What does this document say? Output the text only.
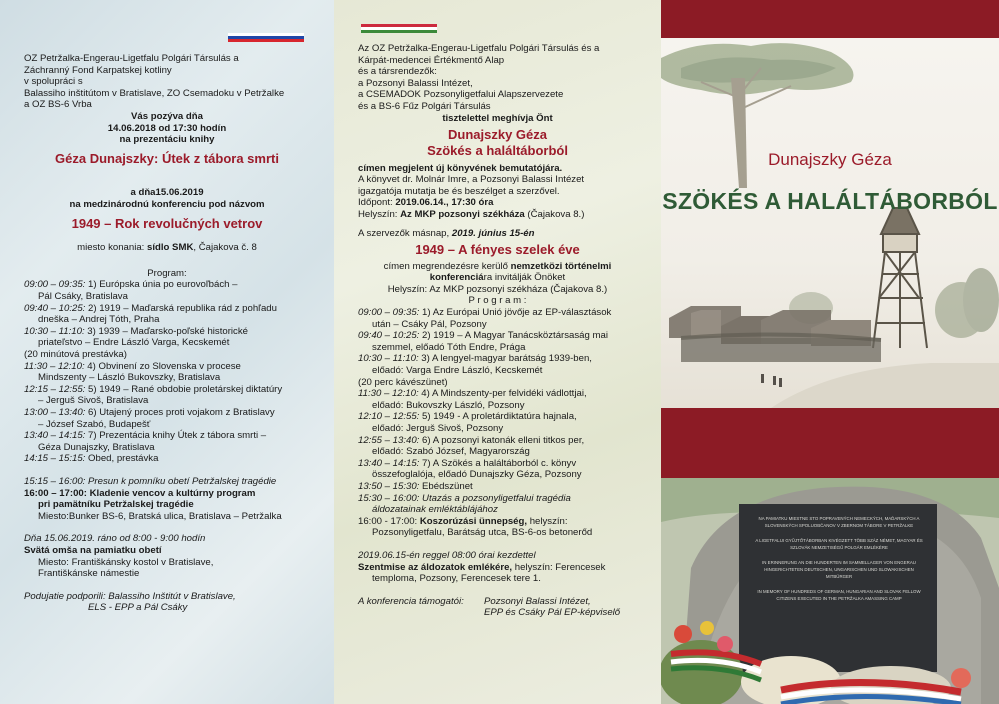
OZ Petržalka-Engerau-Ligetfalu Polgári Társulás a
Záchranný Fond Karpatskej kotliny
v spolupráci s
Balassiho inštitútom v Bratislave, ZO Csemadoku v Petržalke
a OZ BS-6 Vrba
Vás pozýva dňa
14.06.2018 od 17:30 hodín
na prezentáciu knihy
Géza Dunajszky: Útek z tábora smrti
a dňa15.06.2019
na medzinárodnú konferenciu pod názvom
1949 – Rok revolučných vetrov
miesto konania: sídlo SMK, Čajakova č. 8
Program:
09:00 – 09:35: 1) Európska únia po eurovoľbách –
Pál Csáky, Bratislava
09:40 – 10:25: 2) 1919 – Maďarská republika rád z pohľadu
dneška – Andrej Tóth, Praha
10:30 – 11:10: 3) 1939 – Maďarsko-poľské historické
priateľstvo – Endre László Varga, Kecskemét
(20 minútová prestávka)
11:30 – 12:10: 4) Obvinení zo Slovenska v procese
Mindszenty – László Bukovszky, Bratislava
12:15 – 12:55: 5) 1949 – Rané obdobie proletárskej diktatúry
– Jerguš Sivoš, Bratislava
13:00 – 13:40: 6) Utajený proces proti vojakom z Bratislavy
– József Szabó, Budapešť
13:40 – 14:15: 7) Prezentácia knihy Útek z tábora smrti –
Géza Dunajszky, Bratislava
14:15 – 15:15: Obed, prestávka
15:15 – 16:00: Presun k pomníku obetí Petržalskej tragédie
16:00 – 17:00: Kladenie vencov a kultúrny program
pri pamätníku Petržalskej tragédie
Miesto:Bunker BS-6, Bratská ulica, Bratislava – Petržalka
Dňa 15.06.2019. ráno od 8:00 - 9:00 hodín
Svätá omša na pamiatku obetí
Miesto: Františkánsky kostol v Bratislave,
Františkánske námestie
Podujatie podporili: Balassiho Inštitút v Bratislave,
ELS - EPP a Pál Csáky
Az OZ Petržalka-Engerau-Ligetfalu Polgári Társulás és a
Kárpát-medencei Értékmentő Alap
és a társrendezők:
a Pozsonyi Balassi Intézet,
a CSEMADOK Pozsonyligetfalui Alapszervezete
és a BS-6 Fűz Polgári Társulás
tisztelettel meghívja Önt
Dunajszky Géza
Szökés a haláltáborból
címen megjelent új könyvének bemutatójára.
A könyvet dr. Molnár Imre, a Pozsonyi Balassi Intézet
igazgatója mutatja be és beszélget a szerzővel.
Időpont: 2019.06.14., 17:30 óra
Helyszín: Az MKP pozsonyi székháza (Čajakova 8.)
A szervezők másnap, 2019. június 15-én
1949 – A fényes szelek éve
címen megrendezésre kerülő nemzetközi történelmi
konferenciára invitálják Önöket
Helyszín: Az MKP pozsonyi székháza (Čajakova 8.)
P r o g r a m :
09:00 – 09:35: 1) Az Európai Unió jövője az EP-választások
után – Csáky Pál, Pozsony
09:40 – 10:25: 2) 1919 – A Magyar Tanácsköztársaság mai
szemmel, előadó Tóth Endre, Prága
10:30 – 11:10: 3) A lengyel-magyar barátság 1939-ben,
előadó: Varga Endre László, Kecskemét
(20 perc kávészünet)
11:30 – 12:10: 4) A Mindszenty-per felvidéki vádlottjai,
előadó: Bukovszky László, Pozsony
12:10 – 12:55: 5) 1949 - A proletárdiktatúra hajnala,
előadó: Jerguš Sivoš, Pozsony
12:55 – 13:40: 6) A pozsonyi katonák elleni titkos per,
előadó: Szabó József, Magyarország
13:40 – 14:15: 7) A Szökés a haláltáborból c. könyv
összefoglalója, előadó Dunajszky Géza, Pozsony
13:50 – 15:30: Ebédszünet
15:30 – 16:00: Utazás a pozsonyligetfalui tragédia
áldozatainak emléktáblájához
16:00 - 17:00: Koszorúzási ünnepség, helyszín:
Pozsonyligetfalu, Barátság utca, BS-6-os betonerőd
2019.06.15-én reggel 08:00 órai kezdettel
Szentmise az áldozatok emlékére, helyszín: Ferencesek
temploma, Pozsony, Ferencesek tere 1.
A konferencia támogatói: Pozsonyi Balassi Intézet,
EPP és Csáky Pál EP-képviselő
Dunajszky Géza
SZÖKÉS A HALÁLTÁBORBÓL
NA PAMIATKU MIESTNE STO POPRAVENÝCH NEMECKÝCH, MAĎARSKÝCH A
SLOVENSKÝCH SPOLUOBČANOV V ZBERNOM TÁBORE V PETRŽALKE
A LIGETFALUI GYŰJTŐTÁBORBAN KIVÉGZETT TÖBB SZÁZ NÉMET, MAGYAR ÉS
SZLOVÁK NEMZETISÉGŰ POLGÁR EMLÉKÉRE
IN ERINNERUNG AN DIE HUNDERTEN IM SAMMELLAGER VON ENGERAU
HINGERICHTETEN DEUTSCHEN, UNGARISCHEN UND SLOWAKISCHEN
MITBÜRGER
IN MEMORY OF HUNDREDS OF GERMAN, HUNGARIAN AND SLOVAK FELLOW
CITIZENS EXECUTED IN THE PETRŽALKA AMASSING CAMP
